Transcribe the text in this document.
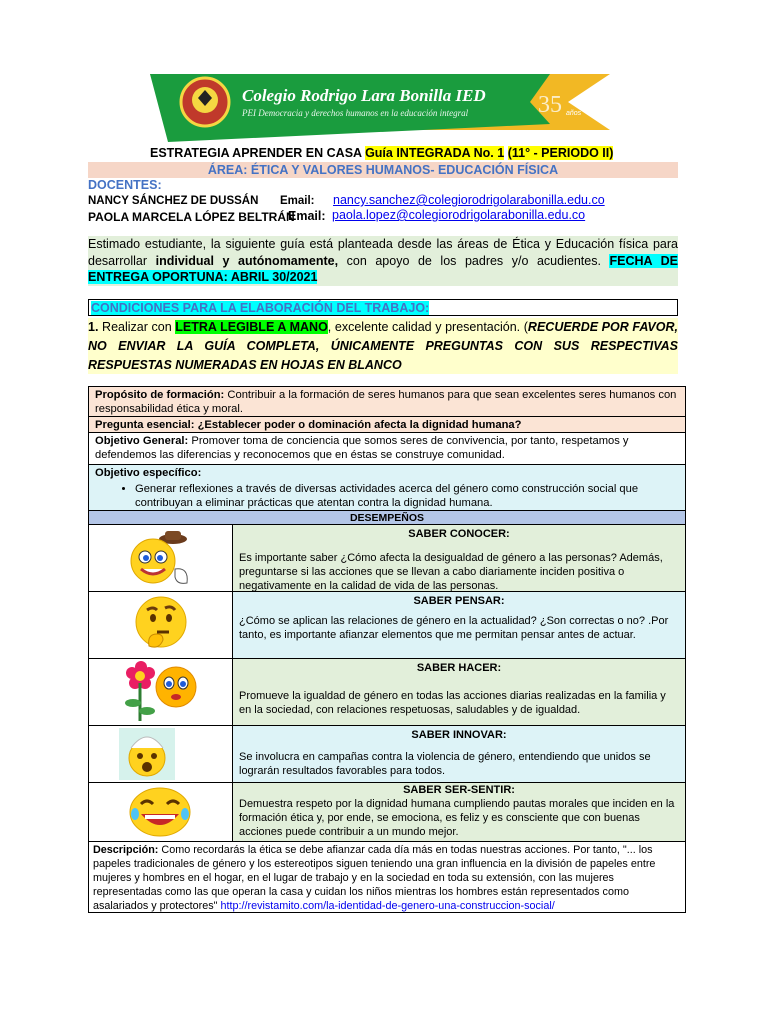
Colegio Rodrigo Lara Bonilla IED
PEI Democracia y derechos humanos en la educación integral	35 años
ESTRATEGIA APRENDER EN CASA Guía INTEGRADA No. 1 (11° - PERIODO II)
ÁREA: ÉTICA Y VALORES HUMANOS- EDUCACIÓN FÍSICA
DOCENTES:
NANCY SÁNCHEZ DE DUSSÁN Email: nancy.sanchez@colegiorodrigolarabonilla.edu.co
PAOLA MARCELA LÓPEZ BELTRÁN
Email: paola.lopez@colegiorodrigolarabonilla.edu.co
Estimado estudiante, la siguiente guía está planteada desde las áreas de Ética y Educación física para desarrollar individual y autónomamente, con apoyo de los padres y/o acudientes. FECHA DE ENTREGA OPORTUNA: ABRIL 30/2021
CONDICIONES PARA LA ELABORACIÓN DEL TRABAJO:
1. Realizar con LETRA LEGIBLE A MANO, excelente calidad y presentación. (RECUERDE POR FAVOR, NO ENVIAR LA GUÍA COMPLETA, ÚNICAMENTE PREGUNTAS CON SUS RESPECTIVAS RESPUESTAS NUMERADAS EN HOJAS EN BLANCO
Propósito de formación: Contribuir a la formación de seres humanos para que sean excelentes seres humanos con responsabilidad ética y moral.
Pregunta esencial: ¿Establecer poder o dominación afecta la dignidad humana?
Objetivo General: Promover toma de conciencia que somos seres de convivencia, por tanto, respetamos y defendemos las diferencias y reconocemos que en éstas se construye comunidad.
Objetivo específico:
• Generar reflexiones a través de diversas actividades acerca del género como construcción social que contribuyan a eliminar prácticas que atentan contra la dignidad humana.
DESEMPEÑOS
SABER CONOCER:
Es importante saber ¿Cómo afecta la desigualdad de género a las personas? Además, preguntarse si las acciones que se llevan a cabo diariamente inciden positiva o negativamente en la calidad de vida de las personas.
SABER PENSAR:
¿Cómo se aplican las relaciones de género en la actualidad? ¿Son correctas o no? .Por tanto, es importante afianzar elementos que me permitan pensar antes de actuar.
SABER HACER:
Promueve la igualdad de género en todas las acciones diarias realizadas en la familia y en la sociedad, con relaciones respetuosas, saludables y de igualdad.
SABER INNOVAR:
Se involucra en campañas contra la violencia de género, entendiendo que unidos se lograrán resultados favorables para todos.
SABER SER-SENTIR:
Demuestra respeto por la dignidad humana cumpliendo pautas morales que inciden en la formación ética y, por ende, se emociona, es feliz y es consciente que con buenas acciones puede contribuir a un mundo mejor.
Descripción: Como recordarás la ética se debe afianzar cada día más en todas nuestras acciones. Por tanto, "... los papeles tradicionales de género y los estereotipos siguen teniendo una gran influencia en la división de papeles entre mujeres y hombres en el hogar, en el lugar de trabajo y en la sociedad en toda su extensión, con las mujeres representadas como las que operan la casa y cuidan los niños mientras los hombres están representados como asalariados y protectores" http://revistamito.com/la-identidad-de-genero-una-construccion-social/
